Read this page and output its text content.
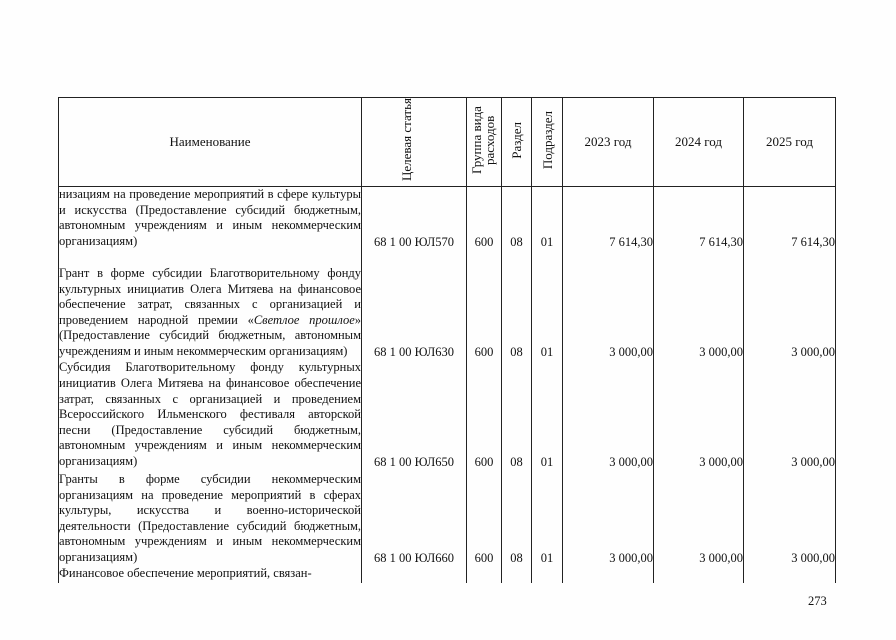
Наименование	Целевая статья	Группа вида расходов	Раздел	Подраздел	2023 год	2024 год	2025 год
низациям на проведение мероприятий в сфере культуры и искусства (Предоставление субсидий бюджетным, автономным учреждениям и иным некоммерческим организациям)	68 1 00 ЮЛ570	600	08	01	7 614,30	7 614,30	7 614,30
Грант в форме субсидии Благотворительному фонду культурных инициатив Олега Митяева на финансовое обеспечение затрат, связанных с организацией и проведением народной премии «Светлое прошлое» (Предоставление субсидий бюджетным, автономным учреждениям и иным некоммерческим организациям)	68 1 00 ЮЛ630	600	08	01	3 000,00	3 000,00	3 000,00
Субсидия Благотворительному фонду культурных инициатив Олега Митяева на финансовое обеспечение затрат, связанных с организацией и проведением Всероссийского Ильменского фестиваля авторской песни (Предоставление субсидий бюджетным, автономным учреждениям и иным некоммерческим организациям)	68 1 00 ЮЛ650	600	08	01	3 000,00	3 000,00	3 000,00
Гранты в форме субсидии некоммерческим организациям на проведение мероприятий в сферах культуры, искусства и военно-исторической деятельности (Предоставление субсидий бюджетным, автономным учреждениям и иным некоммерческим организациям)	68 1 00 ЮЛ660	600	08	01	3 000,00	3 000,00	3 000,00
Финансовое обеспечение мероприятий, связан-							
273
